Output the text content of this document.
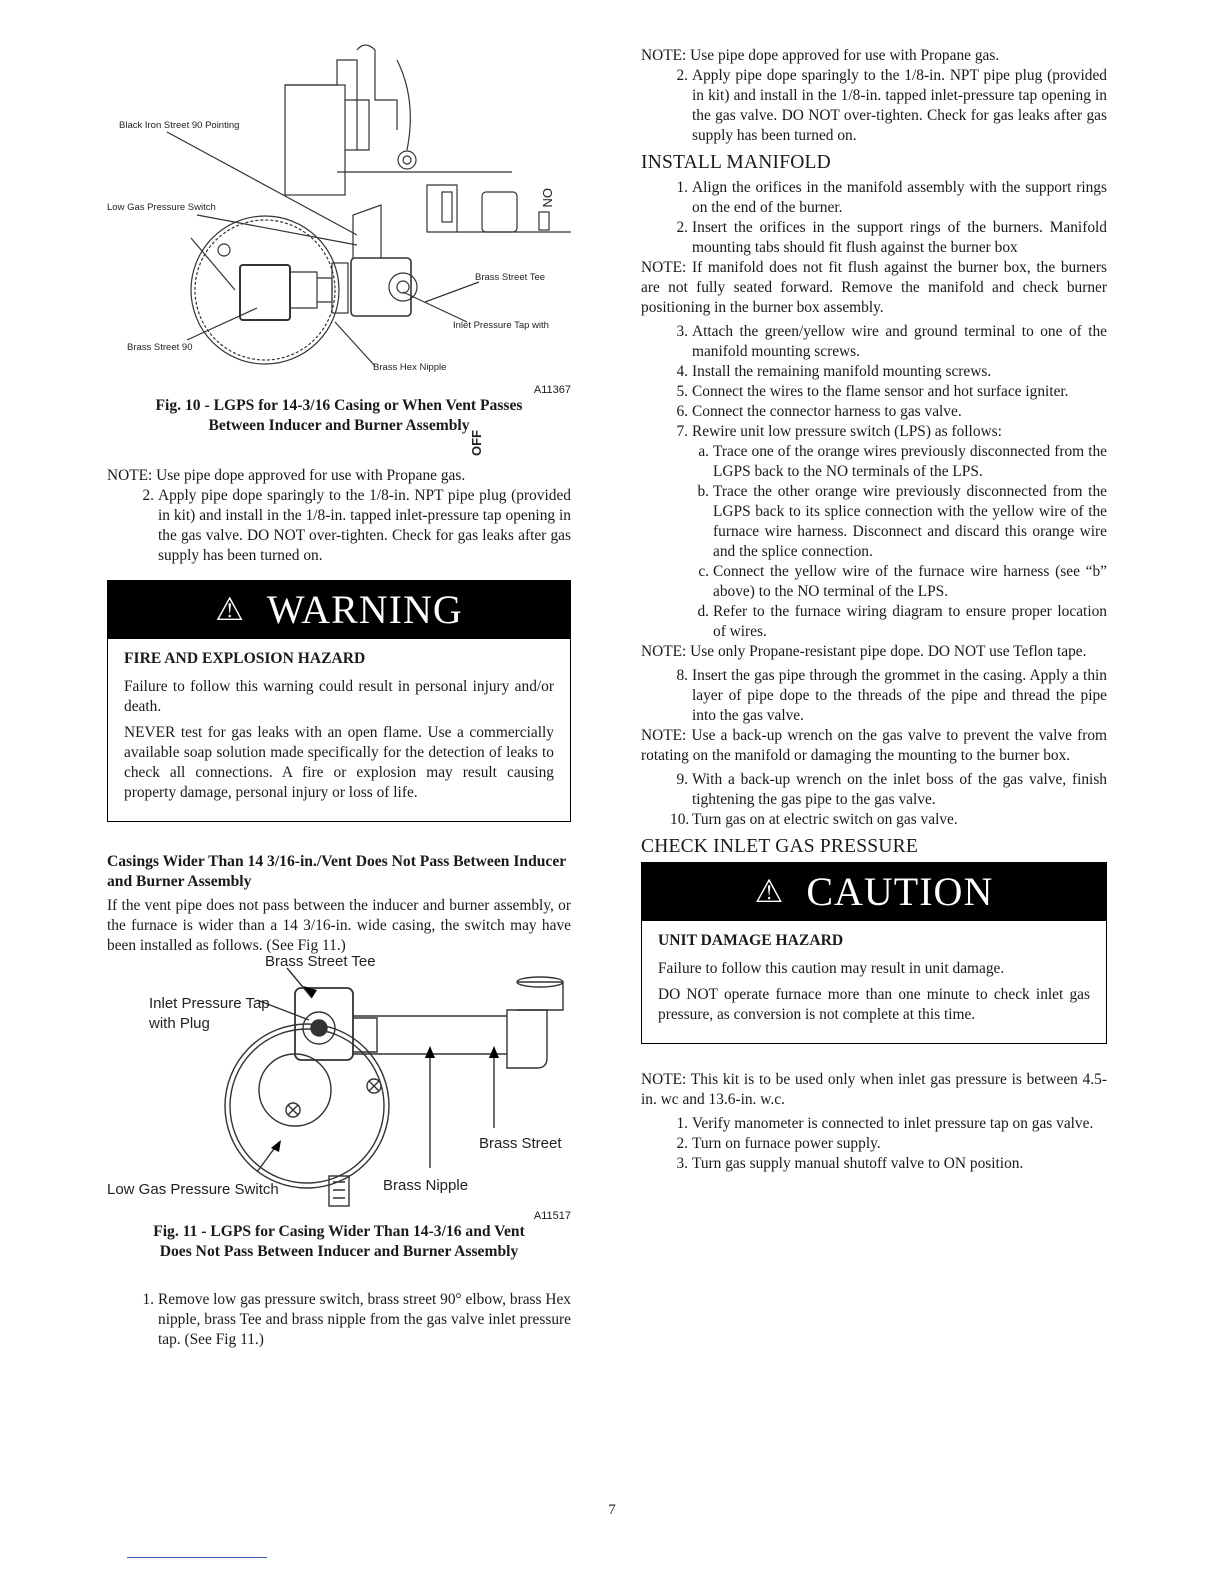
OFF
ON
Black Iron Street 90 Pointing
Low Gas Pressure Switch
Brass Street 90
Brass Street Tee
Inlet Pressure Tap with
Brass Hex Nipple
A11367
Fig. 10 - LGPS for 14-3/16 Casing or When Vent Passes
Between Inducer and Burner Assembly

NOTE: Use pipe dope approved for use with Propane gas.

2. Apply pipe dope sparingly to the 1/8-in. NPT pipe plug (provided in kit) and install in the 1/8-in. tapped inlet-pressure tap opening in the gas valve. DO NOT over-tighten. Check for gas leaks after gas supply has been turned on.
⚠ WARNING

FIRE AND EXPLOSION HAZARD

Failure to follow this warning could result in personal injury and/or death.

NEVER test for gas leaks with an open flame. Use a commercially available soap solution made specifically for the detection of leaks to check all connections. A fire or explosion may result causing property damage, personal injury or loss of life.

Casings Wider Than 14 3/16-in./Vent Does Not Pass Between Inducer and Burner Assembly

If the vent pipe does not pass between the inducer and burner assembly, or the furnace is wider than a 14 3/16-in. wide casing, the switch may have been installed as follows. (See Fig 11.)

Brass Street Tee
Inlet Pressure Tap
with Plug
Brass Street
Low Gas Pressure Switch	Brass Nipple
A11517
Fig. 11 - LGPS for Casing Wider Than 14-3/16 and Vent
Does Not Pass Between Inducer and Burner Assembly
1. Remove low gas pressure switch, brass street 90° elbow, brass Hex nipple, brass Tee and brass nipple from the gas valve inlet pressure tap. (See Fig 11.)

NOTE: Use pipe dope approved for use with Propane gas.

2. Apply pipe dope sparingly to the 1/8-in. NPT pipe plug (provided in kit) and install in the 1/8-in. tapped inlet-pressure tap opening in the gas valve. DO NOT over-tighten. Check for gas leaks after gas supply has been turned on.
INSTALL MANIFOLD
1. Align the orifices in the manifold assembly with the support rings on the end of the burner.
2. Insert the orifices in the support rings of the burners. Manifold mounting tabs should fit flush against the burner box

NOTE: If manifold does not fit flush against the burner box, the burners are not fully seated forward. Remove the manifold and check burner positioning in the burner box assembly.

3. Attach the green/yellow wire and ground terminal to one of the manifold mounting screws.
4. Install the remaining manifold mounting screws.
5. Connect the wires to the flame sensor and hot surface igniter.
6. Connect the connector harness to gas valve.
7. Rewire unit low pressure switch (LPS) as follows:
a. Trace one of the orange wires previously disconnected from the LGPS back to the NO terminals of the LPS.
b. Trace the other orange wire previously disconnected from the LGPS back to its splice connection with the yellow wire of the furnace wire harness. Disconnect and discard this orange wire and the splice connection.
c. Connect the yellow wire of the furnace wire harness (see “b” above) to the NO terminal of the LPS.
d. Refer to the furnace wiring diagram to ensure proper location of wires.

NOTE: Use only Propane-resistant pipe dope. DO NOT use Teflon tape.

8. Insert the gas pipe through the grommet in the casing. Apply a thin layer of pipe dope to the threads of the pipe and thread the pipe into the gas valve.

NOTE: Use a back-up wrench on the gas valve to prevent the valve from rotating on the manifold or damaging the mounting to the burner box.

9. With a back-up wrench on the inlet boss of the gas valve, finish tightening the gas pipe to the gas valve.
10. Turn gas on at electric switch on gas valve.
CHECK INLET GAS PRESSURE
⚠ CAUTION

UNIT DAMAGE HAZARD

Failure to follow this caution may result in unit damage.

DO NOT operate furnace more than one minute to check inlet gas pressure, as conversion is not complete at this time.

NOTE: This kit is to be used only when inlet gas pressure is between 4.5-in. wc and 13.6-in. w.c.

1. Verify manometer is connected to inlet pressure tap on gas valve.
2. Turn on furnace power supply.
3. Turn gas supply manual shutoff valve to ON position.
7
